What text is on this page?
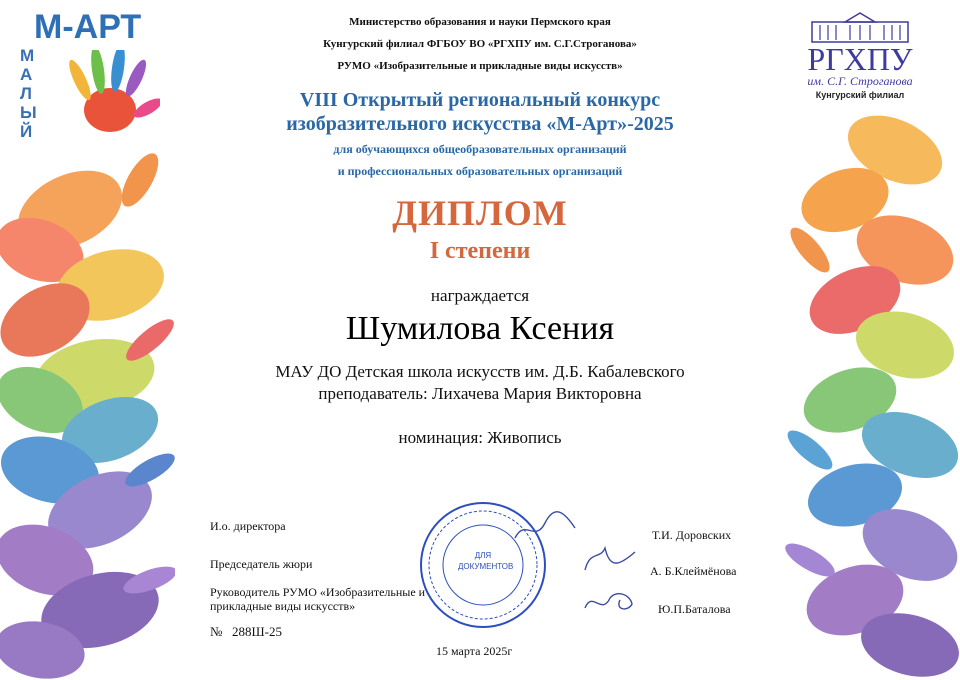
М-АРТ
МАЛЫЙ
РГХПУ
им. С.Г. Строганова
Кунгурский филиал
Министерство образования и науки Пермского края
Кунгурский филиал ФГБОУ ВО «РГХПУ им. С.Г.Строганова»
РУМО «Изобразительные и прикладные виды искусств»
VIII Открытый региональный конкурс
изобразительного искусства «М-Арт»-2025
для обучающихся общеобразовательных организаций
и профессиональных образовательных организаций
ДИПЛОМ
I степени
награждается
Шумилова Ксения
МАУ ДО Детская школа искусств им. Д.Б. Кабалевского
преподаватель: Лихачева Мария Викторовна
номинация: Живопись
И.о. директора
Т.И. Доровских
Председатель жюри	А. Б.Клеймёнова
Руководитель РУМО «Изобразительные и прикладные виды искусств»	Ю.П.Баталова
ДЛЯ ДОКУМЕНТОВ
№ 288Ш-25
15 марта 2025г
